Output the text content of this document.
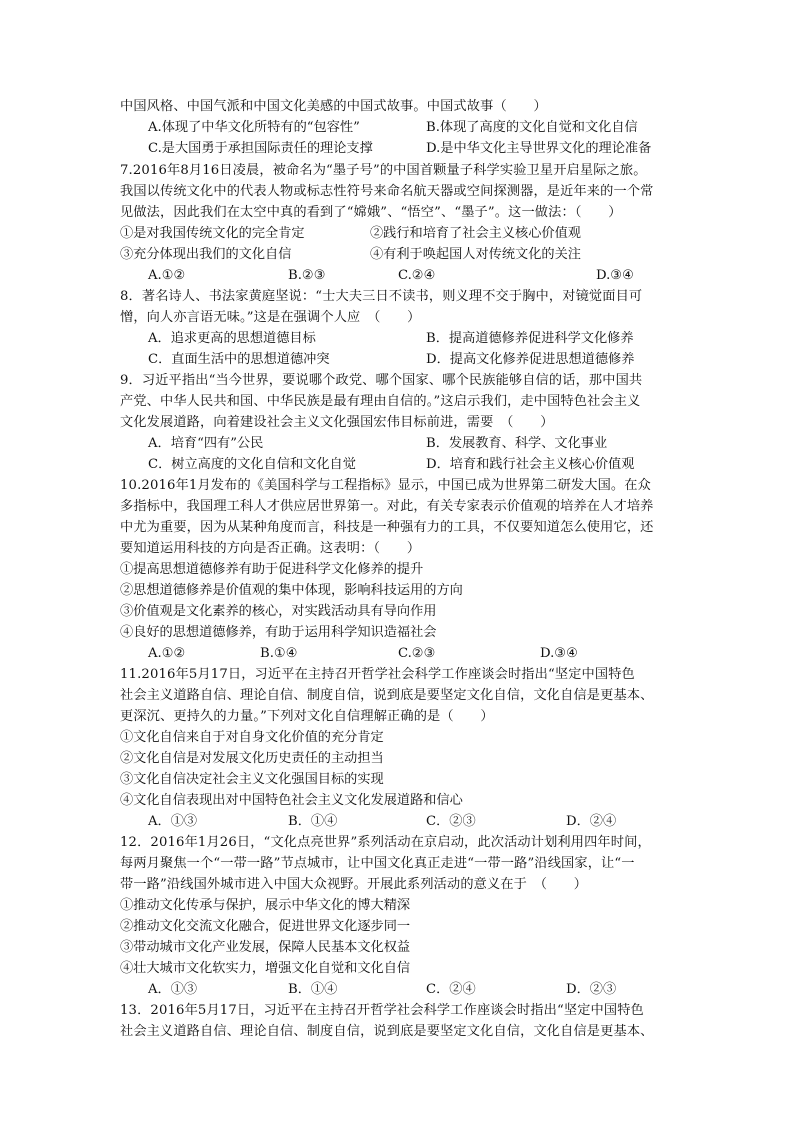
中国风格、中国气派和中国文化美感的中国式故事。中国式故事（　　）
A.体现了中华文化所特有的“包容性”	B.体现了高度的文化自觉和文化自信
C.是大国勇于承担国际责任的理论支撑	D.是中华文化主导世界文化的理论准备
7.2016年8月16日凌晨，被命名为“墨子号”的中国首颗量子科学实验卫星开启星际之旅。
我国以传统文化中的代表人物或标志性符号来命名航天器或空间探测器，是近年来的一个常
见做法，因此我们在太空中真的看到了“嫦娥”、“悟空”、“墨子”。这一做法：（　　）
①是对我国传统文化的完全肯定	②践行和培育了社会主义核心价值观
③充分体现出我们的文化自信	④有利于唤起国人对传统文化的关注
A.①②	B.②③	C.②④	D.③④
8．著名诗人、书法家黄庭坚说：“士大夫三日不读书，则义理不交于胸中，对镜觉面目可
憎，向人亦言语无味。”这是在强调个人应　（　　）
A．追求更高的思想道德目标	B．提高道德修养促进科学文化修养
C．直面生活中的思想道德冲突	D．提高文化修养促进思想道德修养
9．习近平指出“当今世界，要说哪个政党、哪个国家、哪个民族能够自信的话，那中国共
产党、中华人民共和国、中华民族是最有理由自信的。”这启示我们，走中国特色社会主义
文化发展道路，向着建设社会主义文化强国宏伟目标前进，需要　（　　）
A．培育“四有”公民	B．发展教育、科学、文化事业
C．树立高度的文化自信和文化自觉	D．培育和践行社会主义核心价值观
10.2016年1月发布的《美国科学与工程指标》显示，中国已成为世界第二研发大国。在众
多指标中，我国理工科人才供应居世界第一。对此，有关专家表示价值观的培养在人才培养
中尤为重要，因为从某种角度而言，科技是一种强有力的工具，不仅要知道怎么使用它，还
要知道运用科技的方向是否正确。这表明：（　　）
①提高思想道德修养有助于促进科学文化修养的提升
②思想道德修养是价值观的集中体现，影响科技运用的方向
③价值观是文化素养的核心，对实践活动具有导向作用
④良好的思想道德修养，有助于运用科学知识造福社会
A.①②	B.①④	C.②③	D.③④
11.2016年5月17日，习近平在主持召开哲学社会科学工作座谈会时指出“坚定中国特色
社会主义道路自信、理论自信、制度自信，说到底是要坚定文化自信，文化自信是更基本、
更深沉、更持久的力量。”下列对文化自信理解正确的是（　　）
①文化自信来自于对自身文化价值的充分肯定
②文化自信是对发展文化历史责任的主动担当
③文化自信决定社会主义文化强国目标的实现
④文化自信表现出对中国特色社会主义文化发展道路和信心
A．①③	B．①④	C．②③	D．②④
12．2016年1月26日，“文化点亮世界”系列活动在京启动，此次活动计划利用四年时间，
每两月聚焦一个“一带一路”节点城市，让中国文化真正走进“一带一路”沿线国家，让“一
带一路”沿线国外城市进入中国大众视野。开展此系列活动的意义在于　（　　）
①推动文化传承与保护，展示中华文化的博大精深
②推动文化交流文化融合，促进世界文化逐步同一
③带动城市文化产业发展，保障人民基本文化权益
④壮大城市文化软实力，增强文化自觉和文化自信
A．①③	B．①④	C．②④	D．②③
13．2016年5月17日，习近平在主持召开哲学社会科学工作座谈会时指出“坚定中国特色
社会主义道路自信、理论自信、制度自信，说到底是要坚定文化自信，文化自信是更基本、
